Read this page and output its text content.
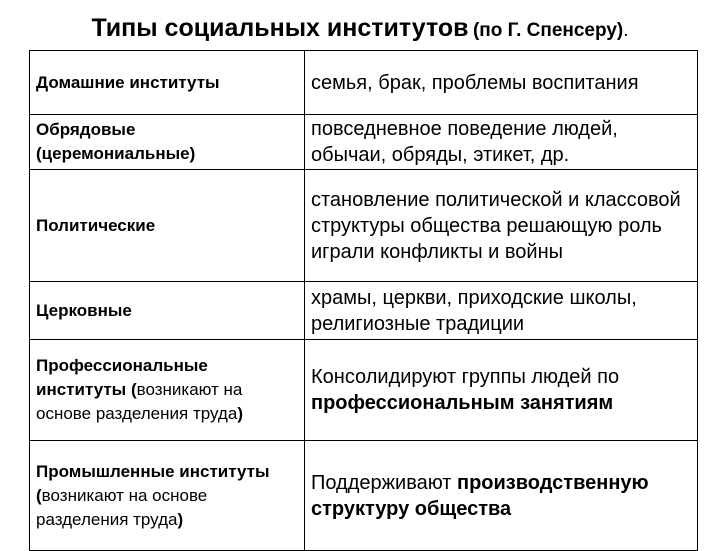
Типы социальных институтов (по Г. Спенсеру).
Домашние институты	семья, брак, проблемы воспитания
Обрядовые (церемониальные)	повседневное поведение людей, обычаи, обряды, этикет, др.
Политические	становление политической и классовой структуры общества решающую роль играли конфликты и войны
Церковные	храмы, церкви, приходские школы, религиозные традиции
Профессиональные институты (возникают на основе разделения труда)	Консолидируют группы людей по профессиональным занятиям
Промышленные институты (возникают на основе разделения труда)	Поддерживают производственную структуру общества
